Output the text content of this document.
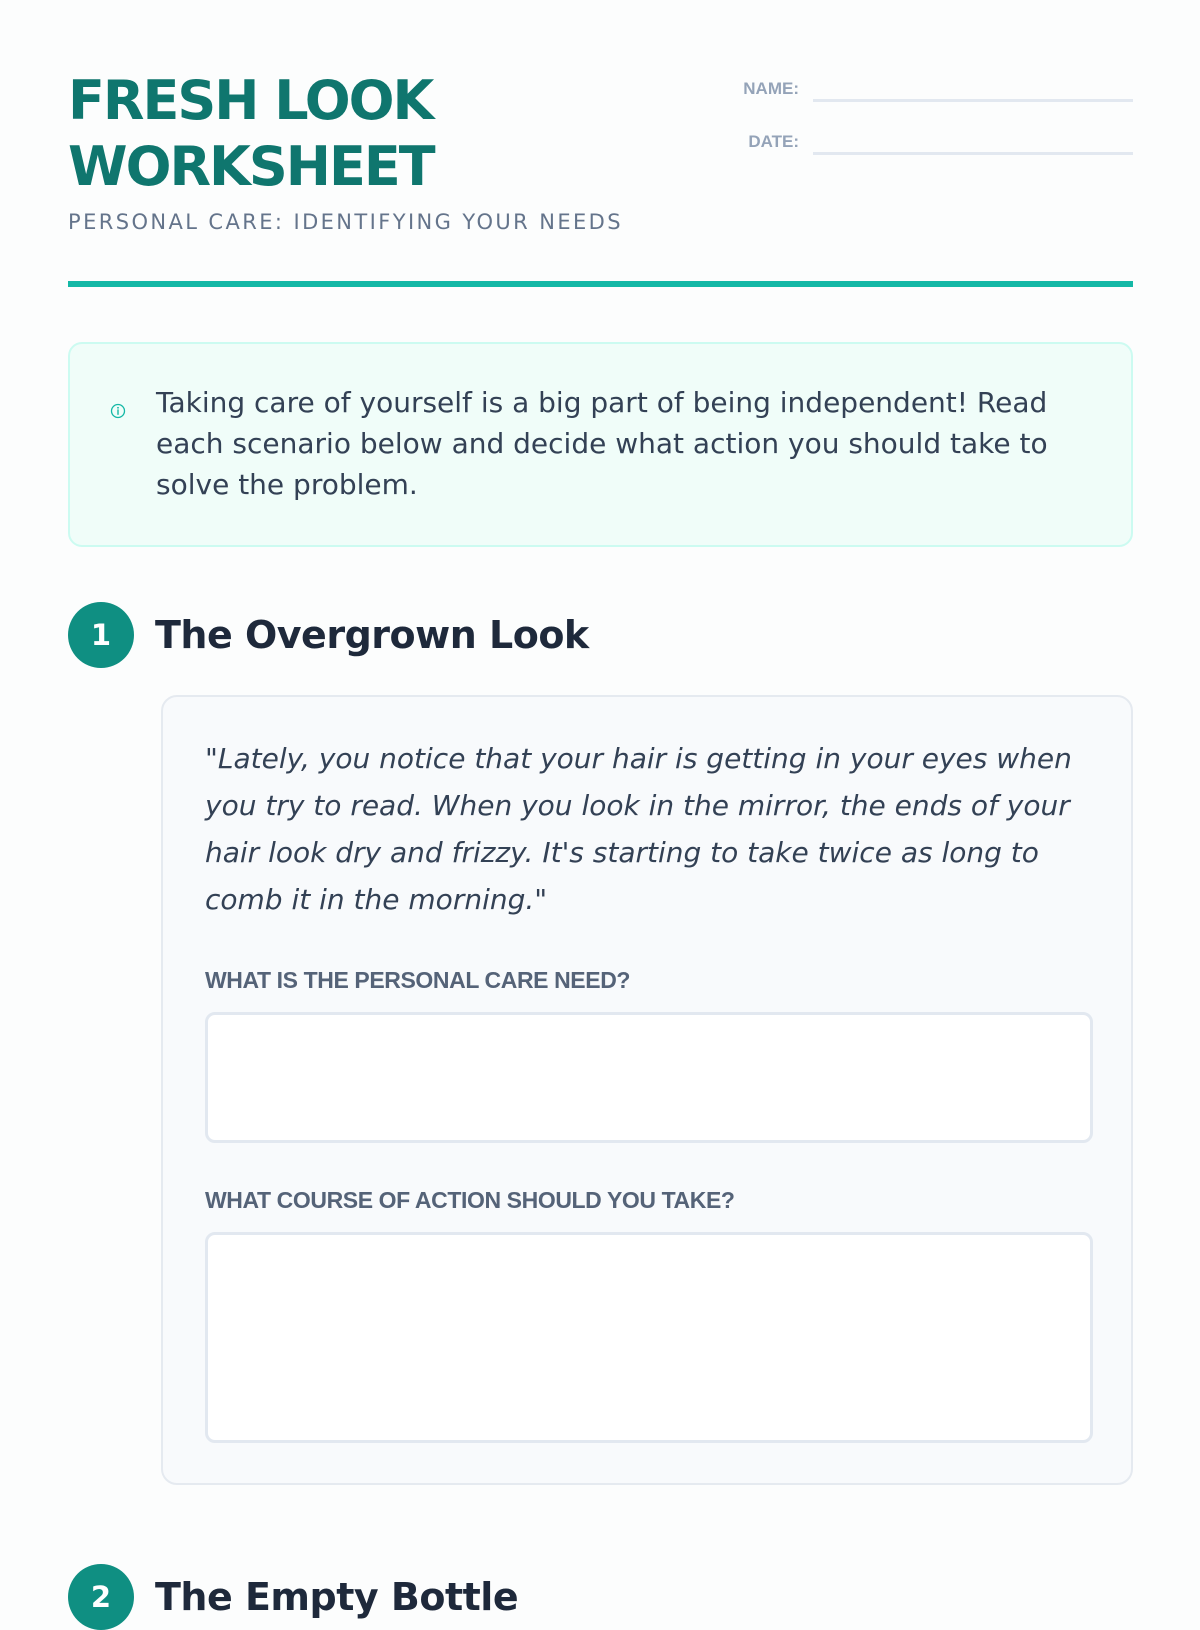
FRESH LOOK
WORKSHEET
PERSONAL CARE: IDENTIFYING YOUR NEEDS
NAME:
DATE:

Taking care of yourself is a big part of being independent! Read each scenario below and decide what action you should take to solve the problem.

1	The Overgrown Look

"Lately, you notice that your hair is getting in your eyes when you try to read. When you look in the mirror, the ends of your hair look dry and frizzy. It's starting to take twice as long to comb it in the morning."

WHAT IS THE PERSONAL CARE NEED?
WHAT COURSE OF ACTION SHOULD YOU TAKE?
2	The Empty Bottle
